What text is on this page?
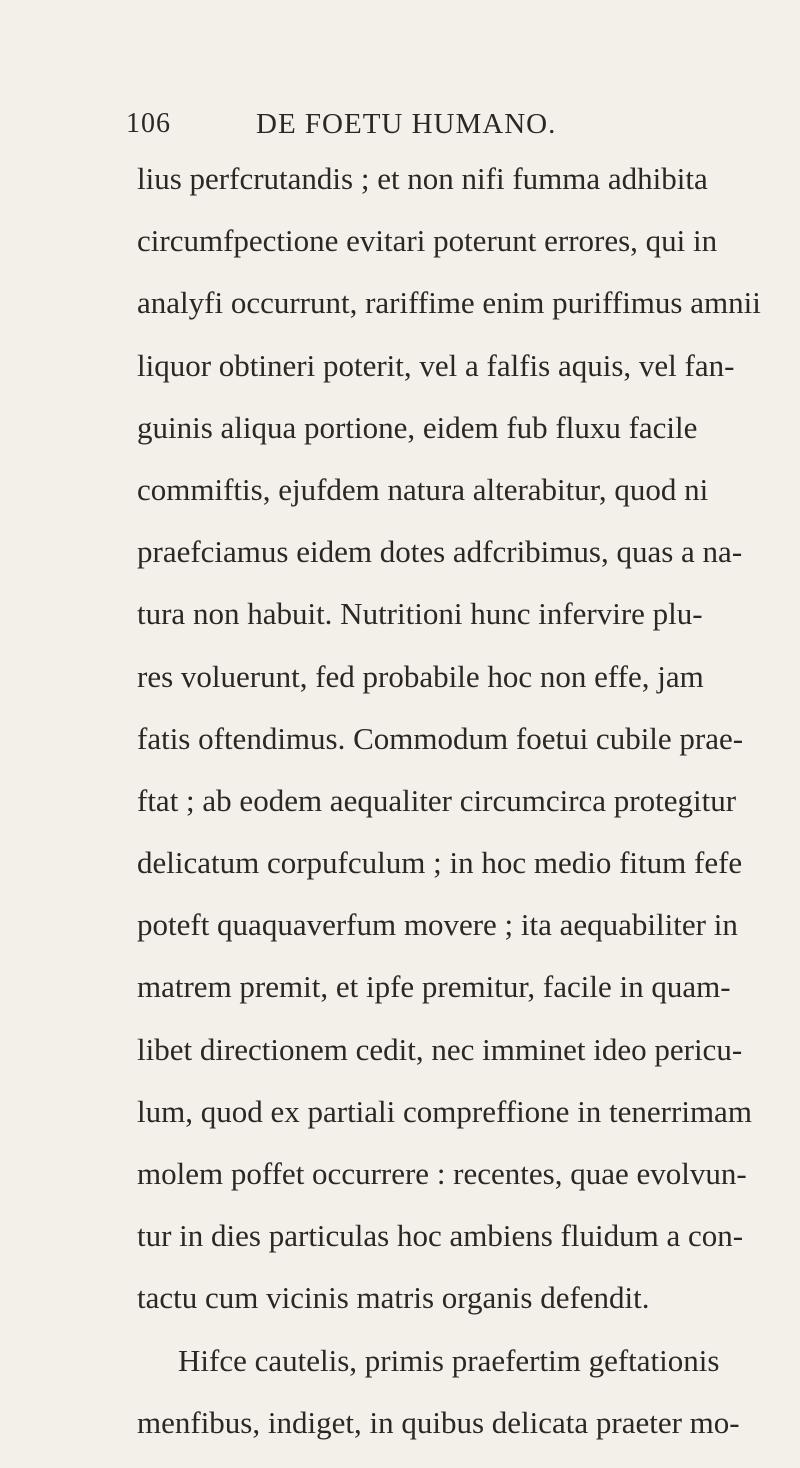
106	DE FOETU HUMANO.
lius perfcrutandis ; et non nifi fumma adhibita
circumfpectione evitari poterunt errores, qui in
analyfi occurrunt, rariffime enim puriffimus amnii
liquor obtineri poterit, vel a falfis aquis, vel fan-
guinis aliqua portione, eidem fub fluxu facile
commiftis, ejufdem natura alterabitur, quod ni
praefciamus eidem dotes adfcribimus, quas a na-
tura non habuit. Nutritioni hunc infervire plu-
res voluerunt, fed probabile hoc non effe, jam
fatis oftendimus. Commodum foetui cubile prae-
ftat ; ab eodem aequaliter circumcirca protegitur
delicatum corpufculum ; in hoc medio fitum fefe
poteft quaquaverfum movere ; ita aequabiliter in
matrem premit, et ipfe premitur, facile in quam-
libet directionem cedit, nec imminet ideo pericu-
lum, quod ex partiali compreffione in tenerrimam
molem poffet occurrere : recentes, quae evolvun-
tur in dies particulas hoc ambiens fluidum a con-
tactu cum vicinis matris organis defendit.
Hifce cautelis, primis praefertim geftationis
menfibus, indiget, in quibus delicata praeter mo-
